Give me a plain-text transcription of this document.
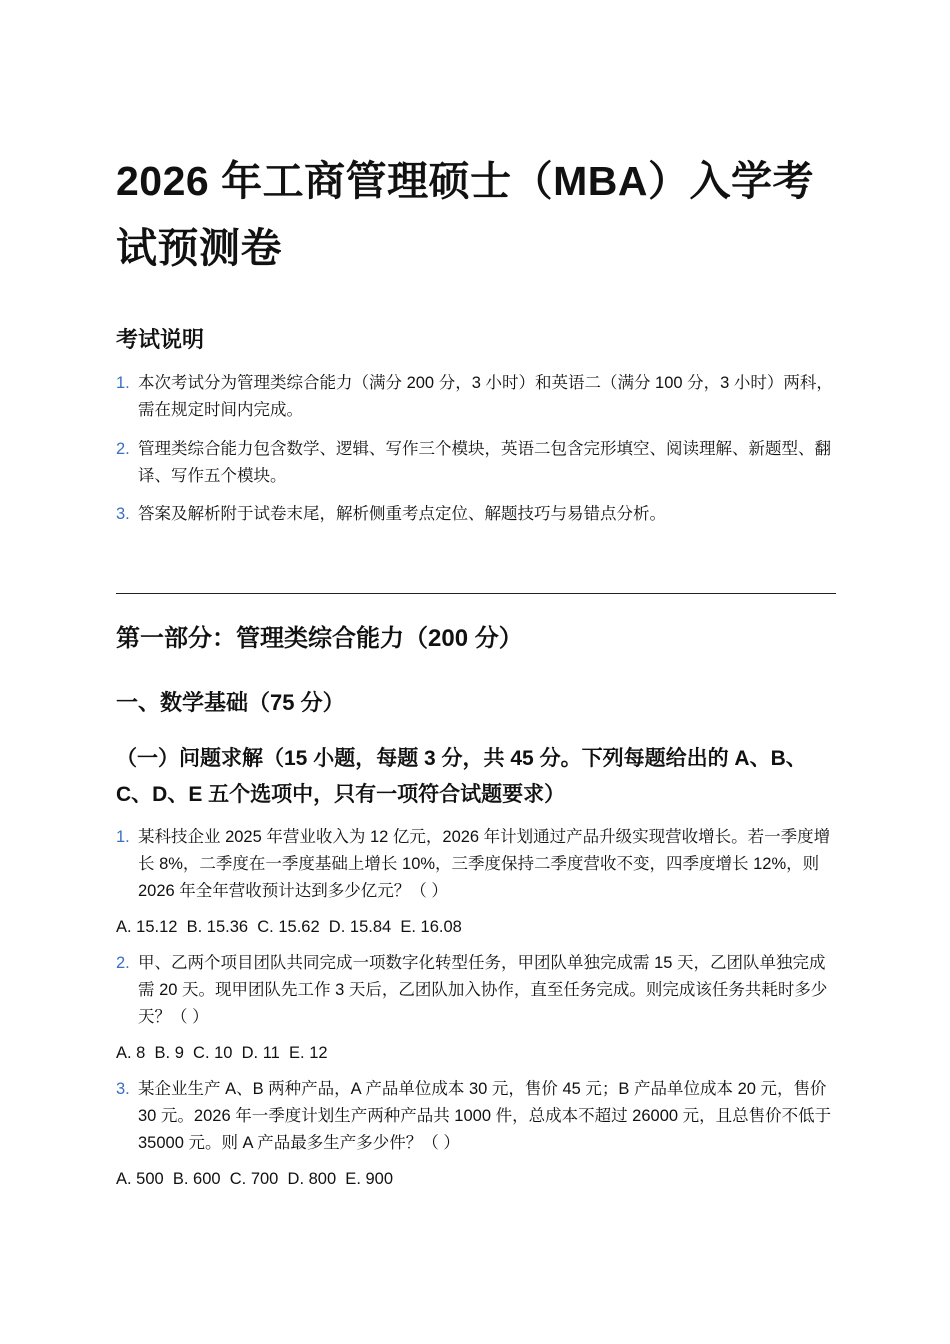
2026 年工商管理硕士（MBA）入学考试预测卷
考试说明
1. 本次考试分为管理类综合能力（满分 200 分，3 小时）和英语二（满分 100 分，3 小时）两科，需在规定时间内完成。
2. 管理类综合能力包含数学、逻辑、写作三个模块，英语二包含完形填空、阅读理解、新题型、翻译、写作五个模块。
3. 答案及解析附于试卷末尾，解析侧重考点定位、解题技巧与易错点分析。
第一部分：管理类综合能力（200 分）
一、数学基础（75 分）
（一）问题求解（15 小题，每题 3 分，共 45 分。下列每题给出的 A、B、C、D、E 五个选项中，只有一项符合试题要求）
1. 某科技企业 2025 年营业收入为 12 亿元，2026 年计划通过产品升级实现营收增长。若一季度增长 8%，二季度在一季度基础上增长 10%，三季度保持二季度营收不变，四季度增长 12%，则 2026 年全年营收预计达到多少亿元？（ ）
A. 15.12  B. 15.36  C. 15.62  D. 15.84  E. 16.08
2. 甲、乙两个项目团队共同完成一项数字化转型任务，甲团队单独完成需 15 天，乙团队单独完成需 20 天。现甲团队先工作 3 天后，乙团队加入协作，直至任务完成。则完成该任务共耗时多少天？（ ）
A. 8  B. 9  C. 10  D. 11  E. 12
3. 某企业生产 A、B 两种产品，A 产品单位成本 30 元，售价 45 元；B 产品单位成本 20 元，售价 30 元。2026 年一季度计划生产两种产品共 1000 件，总成本不超过 26000 元，且总售价不低于 35000 元。则 A 产品最多生产多少件？（ ）
A. 500  B. 600  C. 700  D. 800  E. 900
